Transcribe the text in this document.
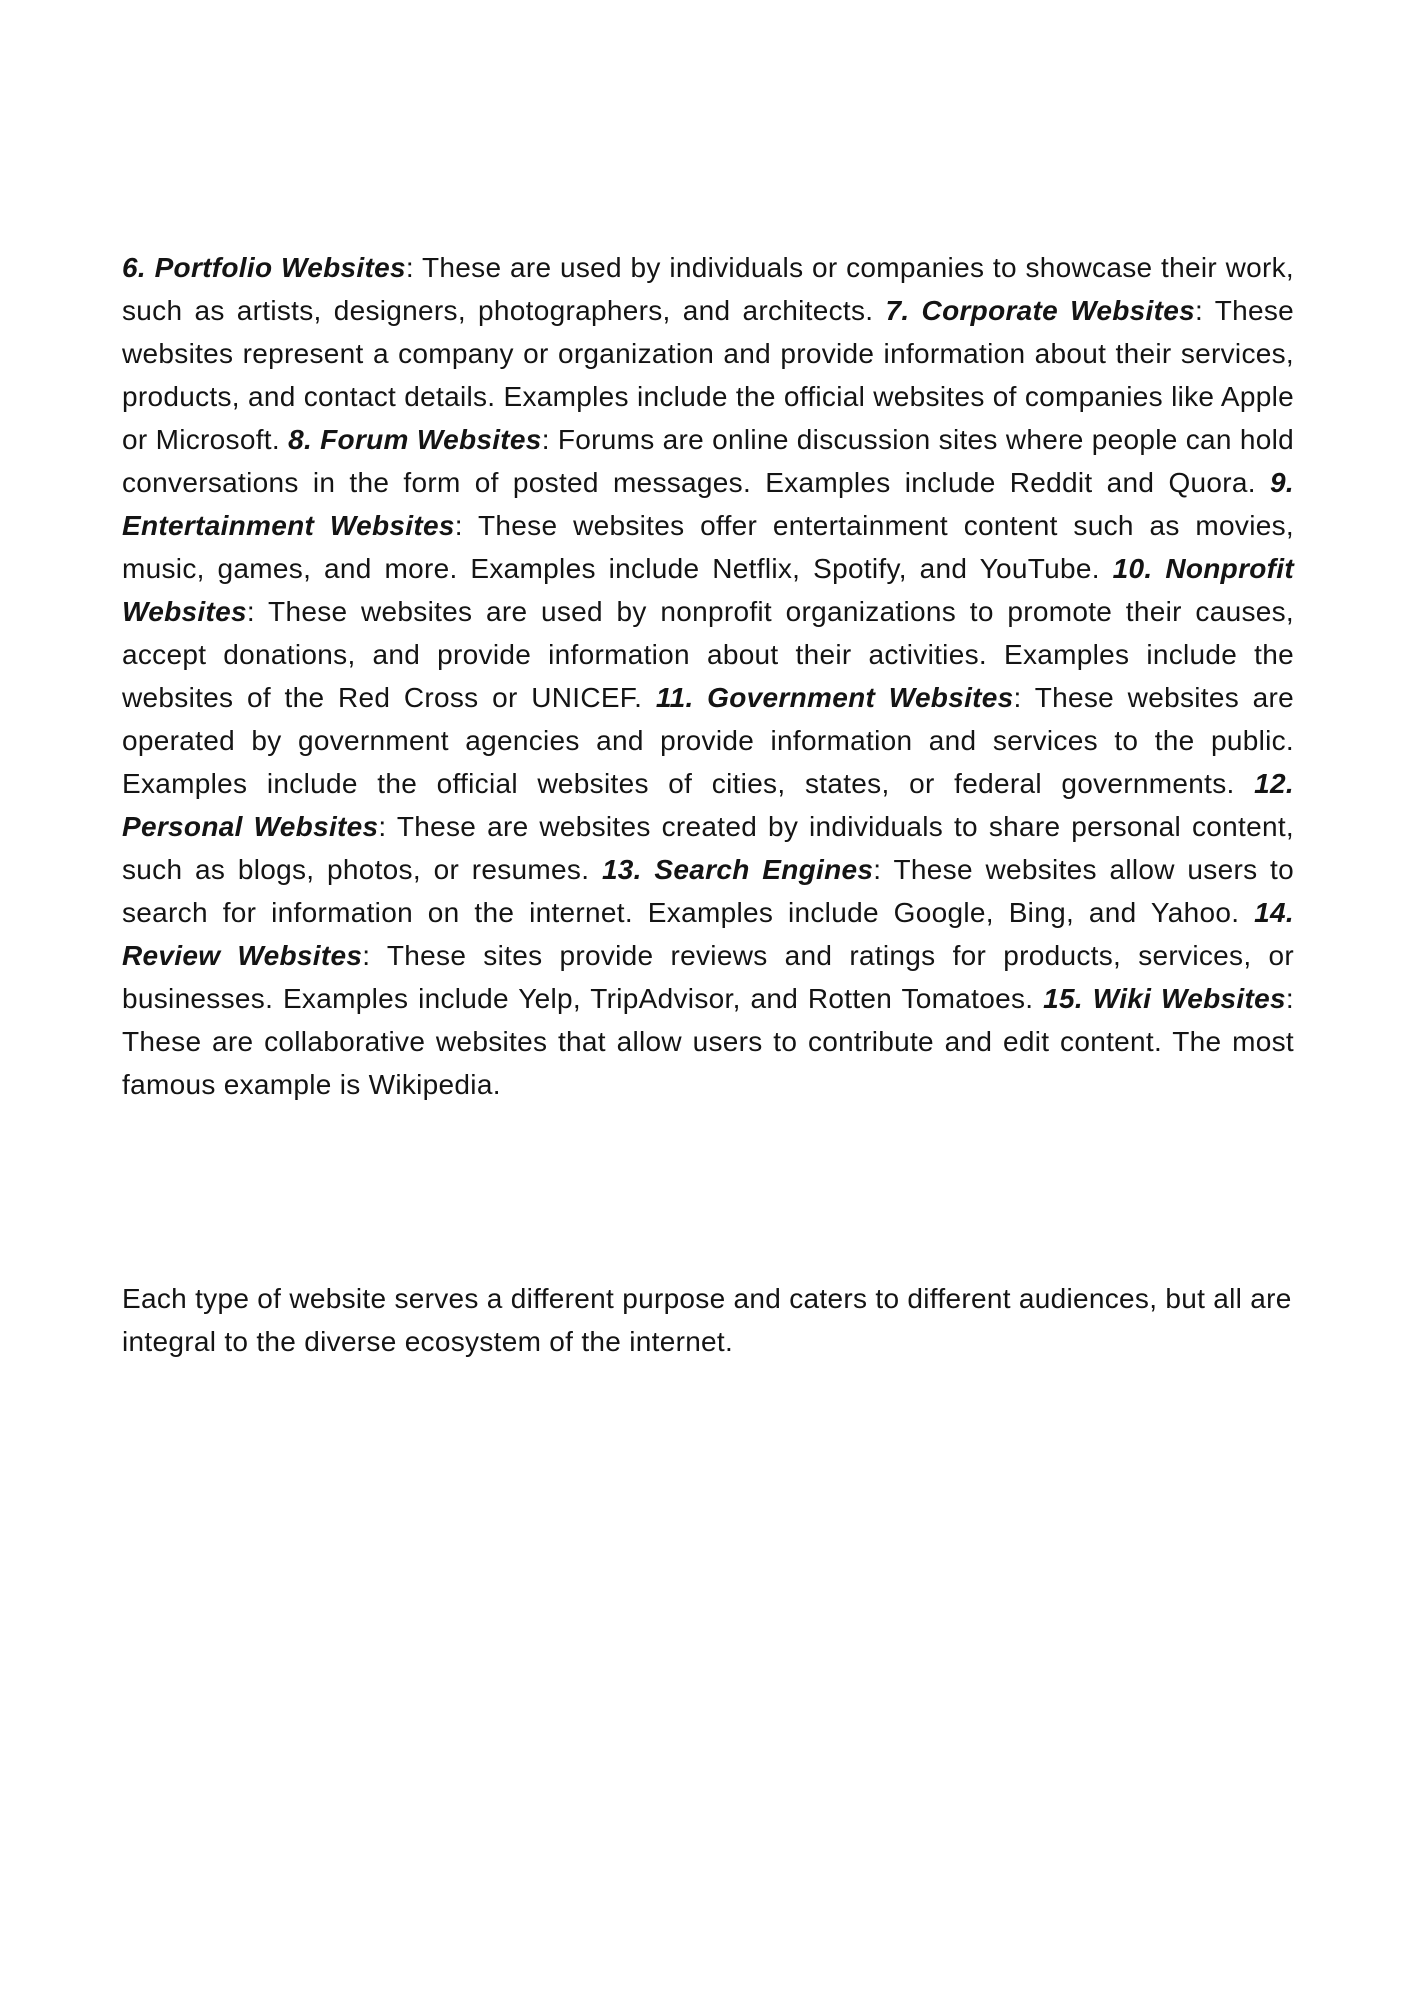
6. Portfolio Websites: These are used by individuals or companies to showcase their work, such as artists, designers, photographers, and architects. 7. Corporate Websites: These websites represent a company or organization and provide information about their services, products, and contact details. Examples include the official websites of companies like Apple or Microsoft. 8. Forum Websites: Forums are online discussion sites where people can hold conversations in the form of posted messages. Examples include Reddit and Quora. 9. Entertainment Websites: These websites offer entertainment content such as movies, music, games, and more. Examples include Netflix, Spotify, and YouTube. 10. Nonprofit Websites: These websites are used by nonprofit organizations to promote their causes, accept donations, and provide information about their activities. Examples include the websites of the Red Cross or UNICEF. 11. Government Websites: These websites are operated by government agencies and provide information and services to the public. Examples include the official websites of cities, states, or federal governments. 12. Personal Websites: These are websites created by individuals to share personal content, such as blogs, photos, or resumes. 13. Search Engines: These websites allow users to search for information on the internet. Examples include Google, Bing, and Yahoo. 14. Review Websites: These sites provide reviews and ratings for products, services, or businesses. Examples include Yelp, TripAdvisor, and Rotten Tomatoes. 15. Wiki Websites: These are collaborative websites that allow users to contribute and edit content. The most famous example is Wikipedia.

Each type of website serves a different purpose and caters to different audiences, but all are integral to the diverse ecosystem of the internet.
